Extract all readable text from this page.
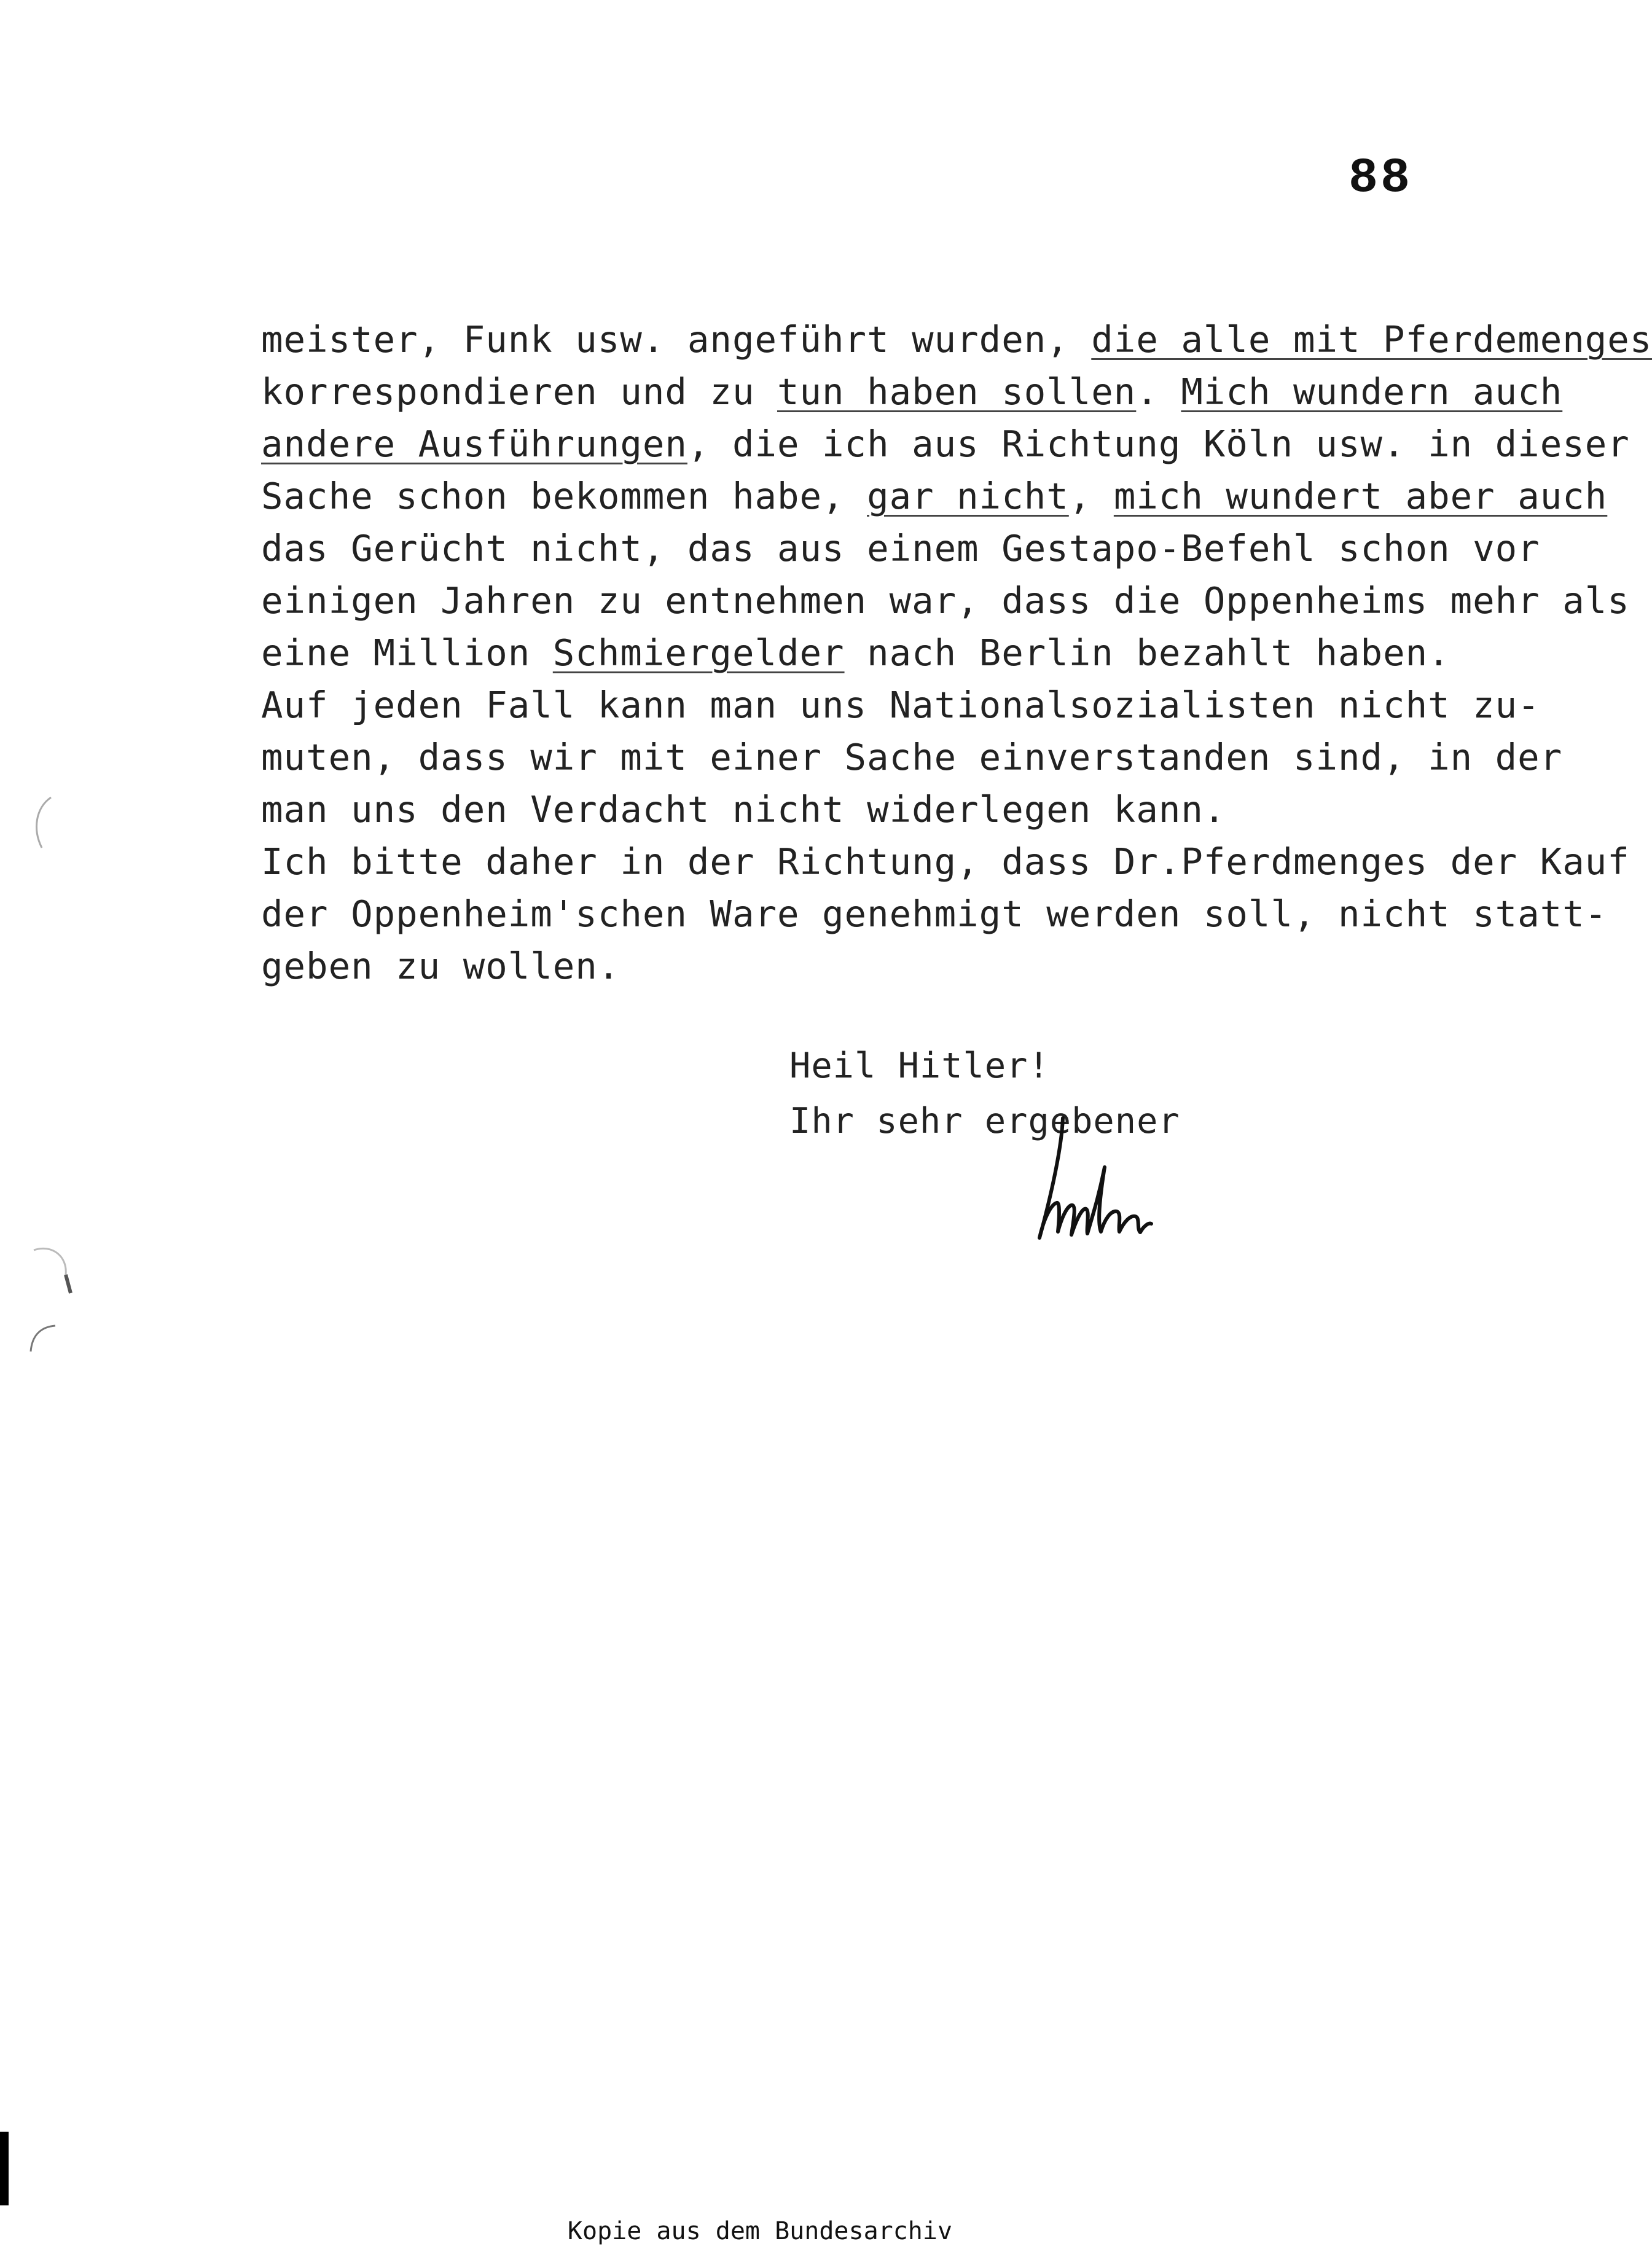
88
meister, Funk usw. angeführt wurden, die alle mit Pferdemenges
korrespondieren und zu tun haben sollen. Mich wundern auch
andere Ausführungen, die ich aus Richtung Köln usw. in dieser
Sache schon bekommen habe, gar nicht, mich wundert aber auch
das Gerücht nicht, das aus einem Gestapo-Befehl schon vor
einigen Jahren zu entnehmen war, dass die Oppenheims mehr als
eine Million Schmiergelder nach Berlin bezahlt haben.
Auf jeden Fall kann man uns Nationalsozialisten nicht zu-
muten, dass wir mit einer Sache einverstanden sind, in der
man uns den Verdacht nicht widerlegen kann.
Ich bitte daher in der Richtung, dass Dr.Pferdmenges der Kauf
der Oppenheim'schen Ware genehmigt werden soll, nicht statt-
geben zu wollen.
Heil Hitler!
Ihr sehr ergebener
Kopie aus dem Bundesarchiv
